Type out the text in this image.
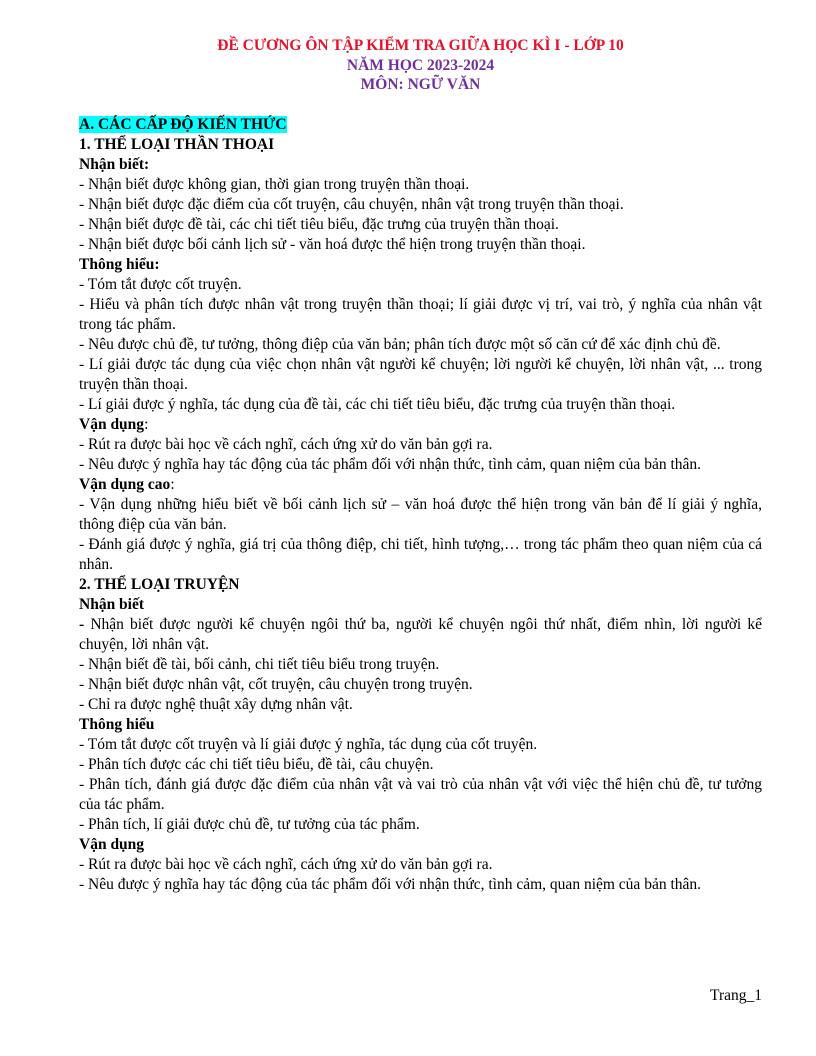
ĐỀ CƯƠNG ÔN TẬP KIỂM TRA GIỮA HỌC KÌ I - LỚP 10
NĂM HỌC 2023-2024
MÔN: NGỮ VĂN
A. CÁC CẤP ĐỘ KIẾN THỨC
1. THỂ LOẠI THẦN THOẠI
Nhận biết:
- Nhận biết được không gian, thời gian trong truyện thần thoại.
- Nhận biết được đặc điểm của cốt truyện, câu chuyện, nhân vật trong truyện thần thoại.
- Nhận biết được đề tài, các chi tiết tiêu biểu, đặc trưng của truyện thần thoại.
- Nhận biết được bối cảnh lịch sử - văn hoá được thể hiện trong truyện thần thoại.
Thông hiểu:
- Tóm tắt được cốt truyện.
- Hiểu và phân tích được nhân vật trong truyện thần thoại; lí giải được vị trí, vai trò, ý nghĩa của nhân vật trong tác phẩm.
- Nêu được chủ đề, tư tưởng, thông điệp của văn bản; phân tích được một số căn cứ để xác định chủ đề.
- Lí giải được tác dụng của việc chọn nhân vật người kể chuyện; lời người kể chuyện, lời nhân vật, ... trong truyện thần thoại.
- Lí giải được ý nghĩa, tác dụng của đề tài, các chi tiết tiêu biểu, đặc trưng của truyện thần thoại.
Vận dụng:
- Rút ra được bài học về cách nghĩ, cách ứng xử do văn bản gợi ra.
- Nêu được ý nghĩa hay tác động của tác phẩm đối với nhận thức, tình cảm, quan niệm của bản thân.
Vận dụng cao:
- Vận dụng những hiểu biết về bối cảnh lịch sử – văn hoá được thể hiện trong văn bản để lí giải ý nghĩa, thông điệp của văn bản.
- Đánh giá được ý nghĩa, giá trị của thông điệp, chi tiết, hình tượng,… trong tác phẩm theo quan niệm của cá nhân.
2. THỂ LOẠI TRUYỆN
Nhận biết
- Nhận biết được người kể chuyện ngôi thứ ba, người kể chuyện ngôi thứ nhất, điểm nhìn, lời người kể chuyện, lời nhân vật.
- Nhận biết đề tài, bối cảnh, chi tiết tiêu biểu trong truyện.
- Nhận biết được nhân vật, cốt truyện, câu chuyện trong truyện.
- Chỉ ra được nghệ thuật xây dựng nhân vật.
Thông hiểu
- Tóm tắt được cốt truyện và lí giải được ý nghĩa, tác dụng của cốt truyện.
- Phân tích được các chi tiết tiêu biểu, đề tài, câu chuyện.
- Phân tích, đánh giá được đặc điểm của nhân vật và vai trò của nhân vật với việc thể hiện chủ đề, tư tưởng của tác phẩm.
- Phân tích, lí giải được chủ đề, tư tưởng của tác phẩm.
Vận dụng
- Rút ra được bài học về cách nghĩ, cách ứng xử do văn bản gợi ra.
- Nêu được ý nghĩa hay tác động của tác phẩm đối với nhận thức, tình cảm, quan niệm của bản thân.
Trang_1
